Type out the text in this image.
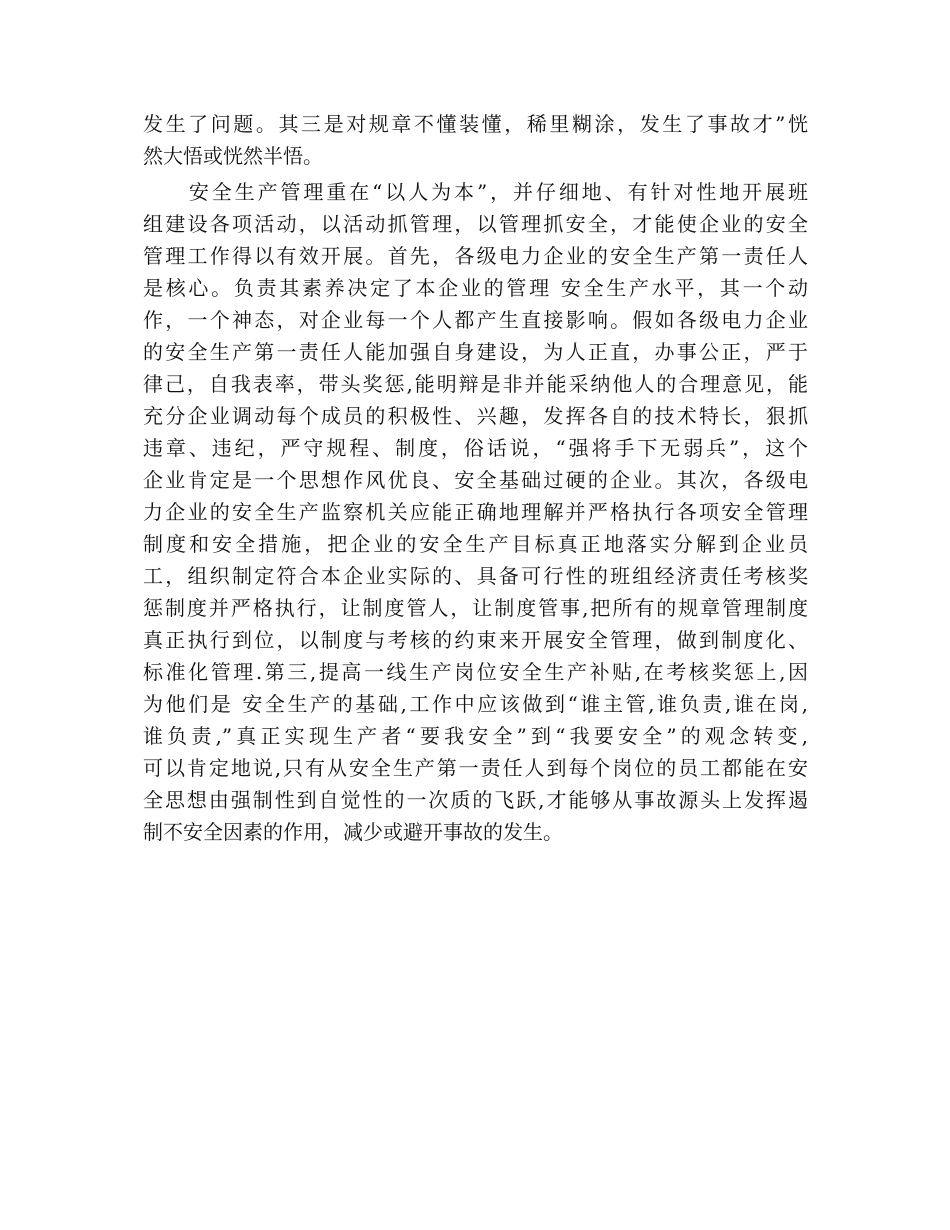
发生了问题。其三是对规章不懂装懂，稀里糊涂，发生了事故才”恍
然大悟或恍然半悟。
　　安全生产管理重在“以人为本”，并仔细地、有针对性地开展班
组建设各项活动，以活动抓管理，以管理抓安全，才能使企业的安全
管理工作得以有效开展。首先，各级电力企业的安全生产第一责任人
是核心。负责其素养决定了本企业的管理 安全生产水平，其一个动
作，一个神态，对企业每一个人都产生直接影响。假如各级电力企业
的安全生产第一责任人能加强自身建设，为人正直，办事公正，严于
律己，自我表率，带头奖惩,能明辩是非并能采纳他人的合理意见，能
充分企业调动每个成员的积极性、兴趣，发挥各自的技术特长，狠抓
违章、违纪，严守规程、制度，俗话说，“强将手下无弱兵”，这个
企业肯定是一个思想作风优良、安全基础过硬的企业。其次，各级电
力企业的安全生产监察机关应能正确地理解并严格执行各项安全管理
制度和安全措施，把企业的安全生产目标真正地落实分解到企业员
工，组织制定符合本企业实际的、具备可行性的班组经济责任考核奖
惩制度并严格执行，让制度管人，让制度管事,把所有的规章管理制度
真正执行到位，以制度与考核的约束来开展安全管理，做到制度化、
标准化管理.第三,提高一线生产岗位安全生产补贴,在考核奖惩上,因
为他们是 安全生产的基础,工作中应该做到“谁主管,谁负责,谁在岗,
谁负责,”真正实现生产者“要我安全”到“我要安全”的观念转变,
可以肯定地说,只有从安全生产第一责任人到每个岗位的员工都能在安
全思想由强制性到自觉性的一次质的飞跃,才能够从事故源头上发挥遏
制不安全因素的作用，减少或避开事故的发生。
